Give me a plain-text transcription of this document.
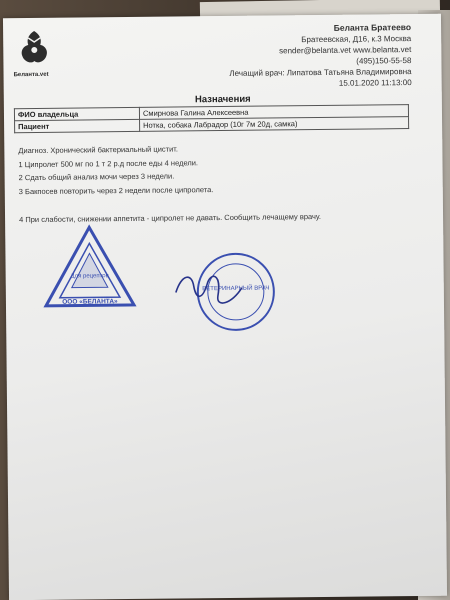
Беланта.vet
Беланта Братеево
Братеевская, Д16, к.3 Москва
sender@belanta.vet www.belanta.vet
(495)150-55-58
Лечащий врач: Липатова Татьяна Владимировна
15.01.2020 11:13:00
Назначения
ФИО владельца	Смирнова Галина Алексеевна
Пациент	Нотка, собака Лабрадор (10г 7м 20д, самка)
Диагноз. Хронический бактериальный цистит.
1 Ципролет 500 мг по 1 т 2 р.д после еды 4 недели.
2 Сдать общий анализ мочи через 3 недели.
3 Бакпосев повторить через 2 недели после ципролета.
4 При слабости, снижении аппетита - ципролет не давать. Сообщить лечащему врачу.
Для рецептов
ООО «БЕЛАНТА»
ВЕТЕРИНАРНЫЙ ВРАЧ
